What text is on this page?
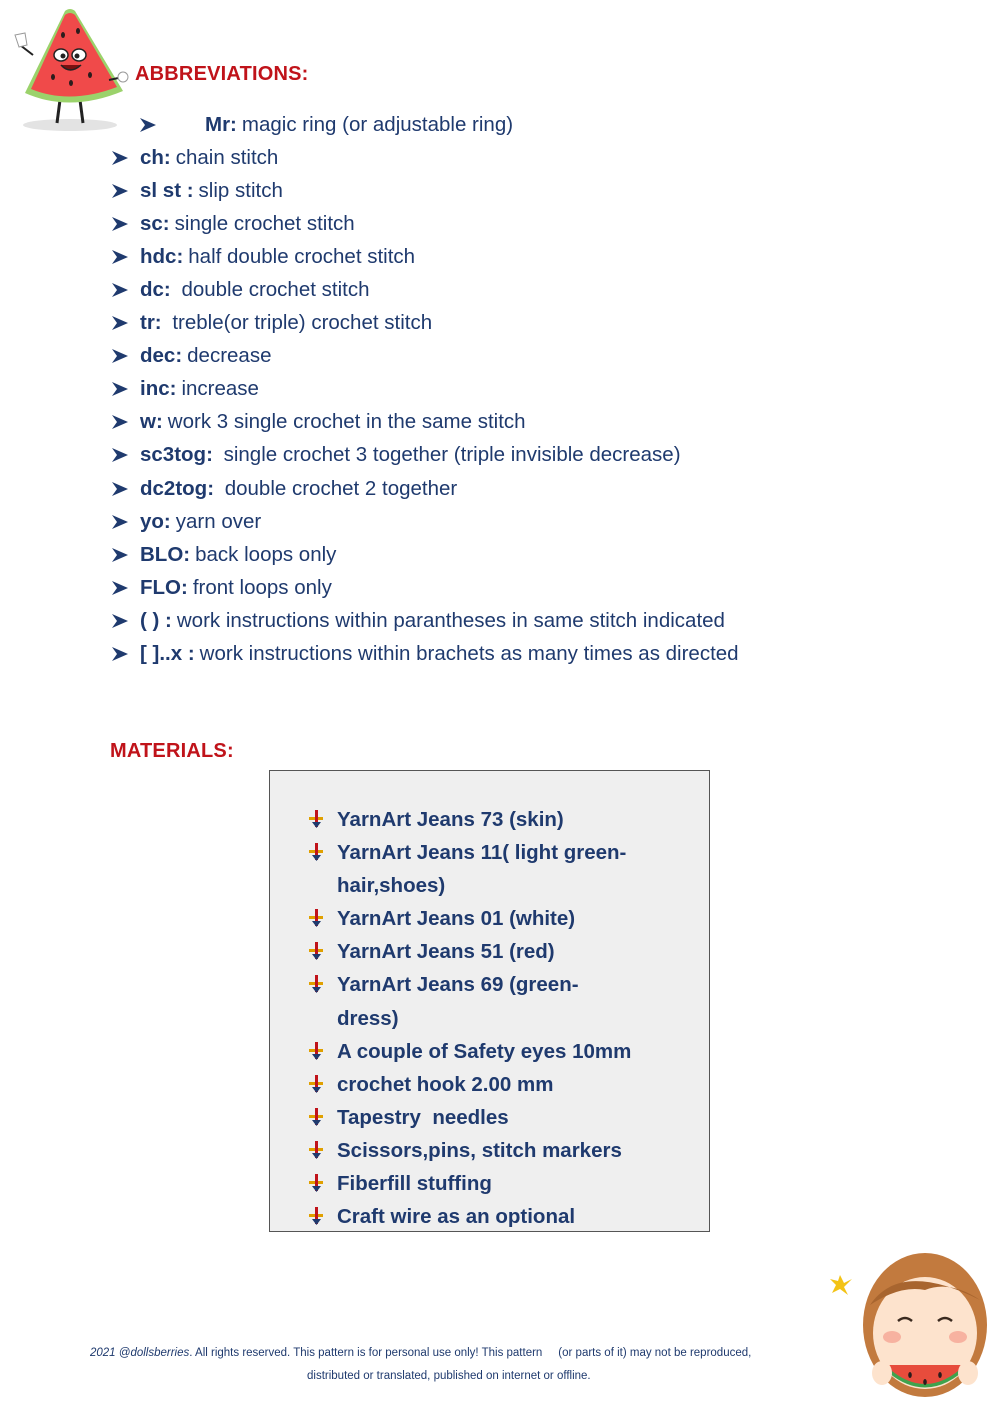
ABBREVIATIONS:
Mr: magic ring (or adjustable ring)
ch: chain stitch
sl st : slip stitch
sc: single crochet stitch
hdc: half double crochet stitch
dc: double crochet stitch
tr: treble(or triple) crochet stitch
dec: decrease
inc: increase
w: work 3 single crochet in the same stitch
sc3tog: single crochet 3 together (triple invisible decrease)
dc2tog: double crochet 2 together
yo: yarn over
BLO: back loops only
FLO: front loops only
( ) : work instructions within parantheses in same stitch indicated
[ ]..x : work instructions within brachets as many times as directed
MATERIALS:
YarnArt Jeans 73 (skin)
YarnArt Jeans 11( light green-hair,shoes)
YarnArt Jeans 01 (white)
YarnArt Jeans 51 (red)
YarnArt Jeans 69 (green-dress)
A couple of Safety eyes 10mm
crochet hook 2.00 mm
Tapestry  needles
Scissors,pins, stitch markers
Fiberfill stuffing
Craft wire as an optional
2021 @dollsberries. All rights reserved. This pattern is for personal use only! This pattern     (or parts of it) may not be reproduced,
distributed or translated, published on internet or offline.
